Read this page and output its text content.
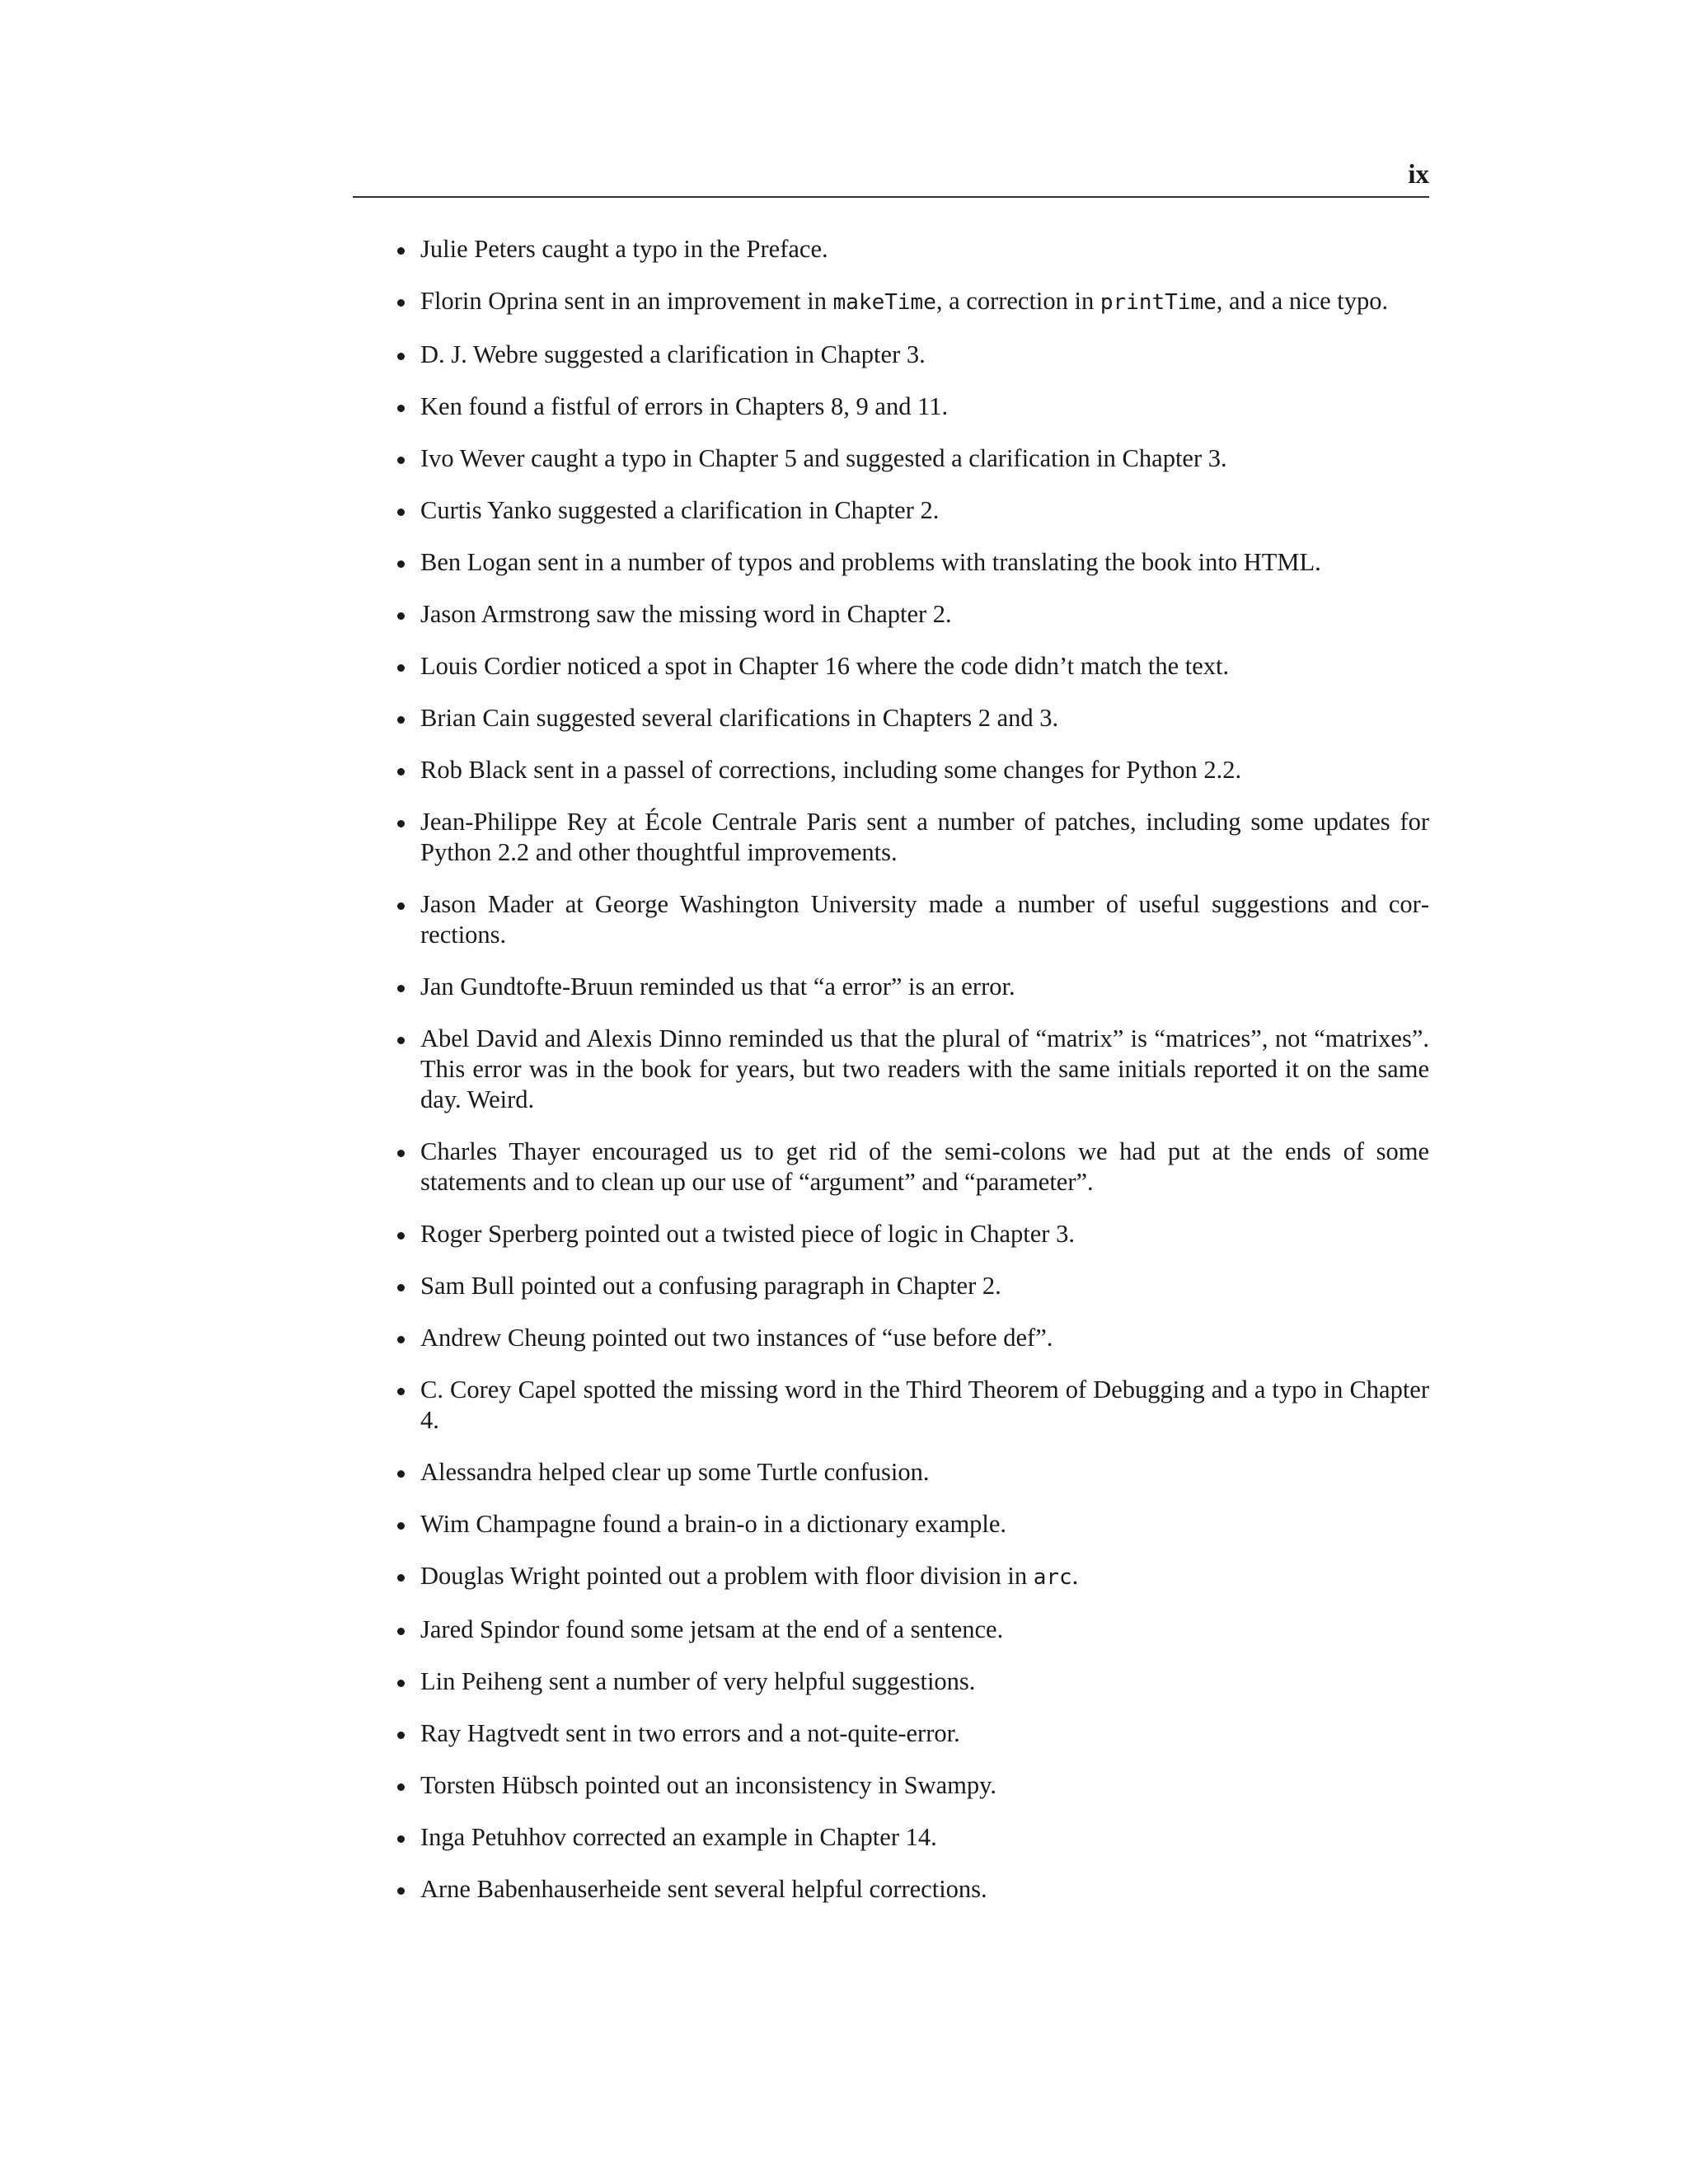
ix
Julie Peters caught a typo in the Preface.
Florin Oprina sent in an improvement in makeTime, a correction in printTime, and a nice typo.
D. J. Webre suggested a clarification in Chapter 3.
Ken found a fistful of errors in Chapters 8, 9 and 11.
Ivo Wever caught a typo in Chapter 5 and suggested a clarification in Chapter 3.
Curtis Yanko suggested a clarification in Chapter 2.
Ben Logan sent in a number of typos and problems with translating the book into HTML.
Jason Armstrong saw the missing word in Chapter 2.
Louis Cordier noticed a spot in Chapter 16 where the code didn’t match the text.
Brian Cain suggested several clarifications in Chapters 2 and 3.
Rob Black sent in a passel of corrections, including some changes for Python 2.2.
Jean-Philippe Rey at École Centrale Paris sent a number of patches, including some updates for Python 2.2 and other thoughtful improvements.
Jason Mader at George Washington University made a number of useful suggestions and corrections.
Jan Gundtofte-Bruun reminded us that “a error” is an error.
Abel David and Alexis Dinno reminded us that the plural of “matrix” is “matrices”, not “matrixes”. This error was in the book for years, but two readers with the same initials reported it on the same day. Weird.
Charles Thayer encouraged us to get rid of the semi-colons we had put at the ends of some statements and to clean up our use of “argument” and “parameter”.
Roger Sperberg pointed out a twisted piece of logic in Chapter 3.
Sam Bull pointed out a confusing paragraph in Chapter 2.
Andrew Cheung pointed out two instances of “use before def”.
C. Corey Capel spotted the missing word in the Third Theorem of Debugging and a typo in Chapter 4.
Alessandra helped clear up some Turtle confusion.
Wim Champagne found a brain-o in a dictionary example.
Douglas Wright pointed out a problem with floor division in arc.
Jared Spindor found some jetsam at the end of a sentence.
Lin Peiheng sent a number of very helpful suggestions.
Ray Hagtvedt sent in two errors and a not-quite-error.
Torsten Hübsch pointed out an inconsistency in Swampy.
Inga Petuhhov corrected an example in Chapter 14.
Arne Babenhauserheide sent several helpful corrections.
